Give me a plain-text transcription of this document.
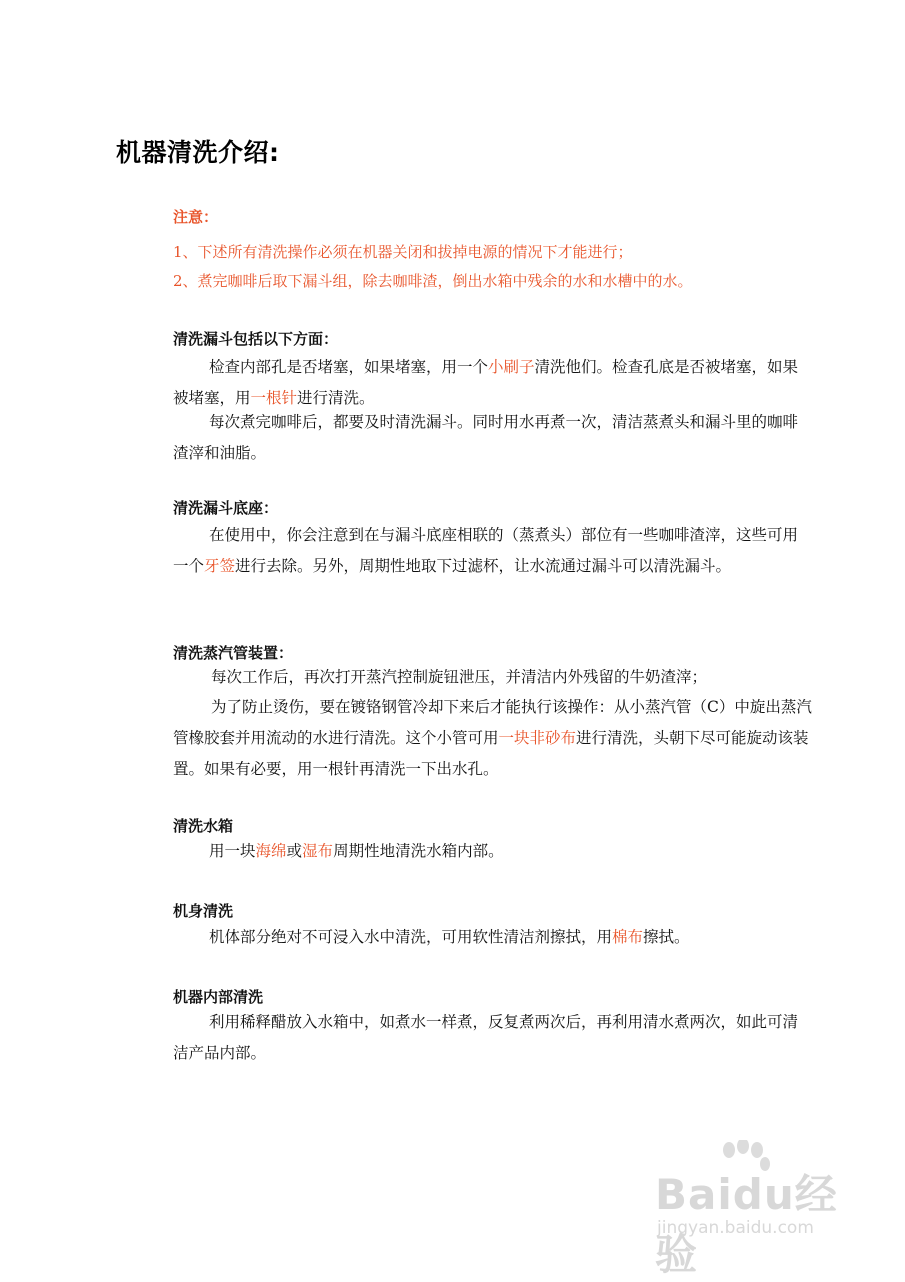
机器清洗介绍:
注意：
1、下述所有清洗操作必须在机器关闭和拔掉电源的情况下才能进行；
2、煮完咖啡后取下漏斗组，除去咖啡渣，倒出水箱中残余的水和水槽中的水。
清洗漏斗包括以下方面：

检查内部孔是否堵塞，如果堵塞，用一个小刷子清洗他们。检查孔底是否被堵塞，如果被堵塞，用一根针进行清洗。

每次煮完咖啡后，都要及时清洗漏斗。同时用水再煮一次，清洁蒸煮头和漏斗里的咖啡渣滓和油脂。

清洗漏斗底座：

在使用中，你会注意到在与漏斗底座相联的（蒸煮头）部位有一些咖啡渣滓，这些可用一个牙签进行去除。另外，周期性地取下过滤杯，让水流通过漏斗可以清洗漏斗。

清洗蒸汽管装置：

每次工作后，再次打开蒸汽控制旋钮泄压，并清洁内外残留的牛奶渣滓；

为了防止烫伤，要在镀铬钢管冷却下来后才能执行该操作：从小蒸汽管（C）中旋出蒸汽管橡胶套并用流动的水进行清洗。这个小管可用一块非砂布进行清洗，头朝下尽可能旋动该装置。如果有必要，用一根针再清洗一下出水孔。

清洗水箱

用一块海绵或湿布周期性地清洗水箱内部。

机身清洗

机体部分绝对不可浸入水中清洗，可用软性清洁剂擦拭，用棉布擦拭。

机器内部清洗

利用稀释醋放入水箱中，如煮水一样煮，反复煮两次后，再利用清水煮两次，如此可清洁产品内部。

Baidu经验
jingyan.baidu.com
